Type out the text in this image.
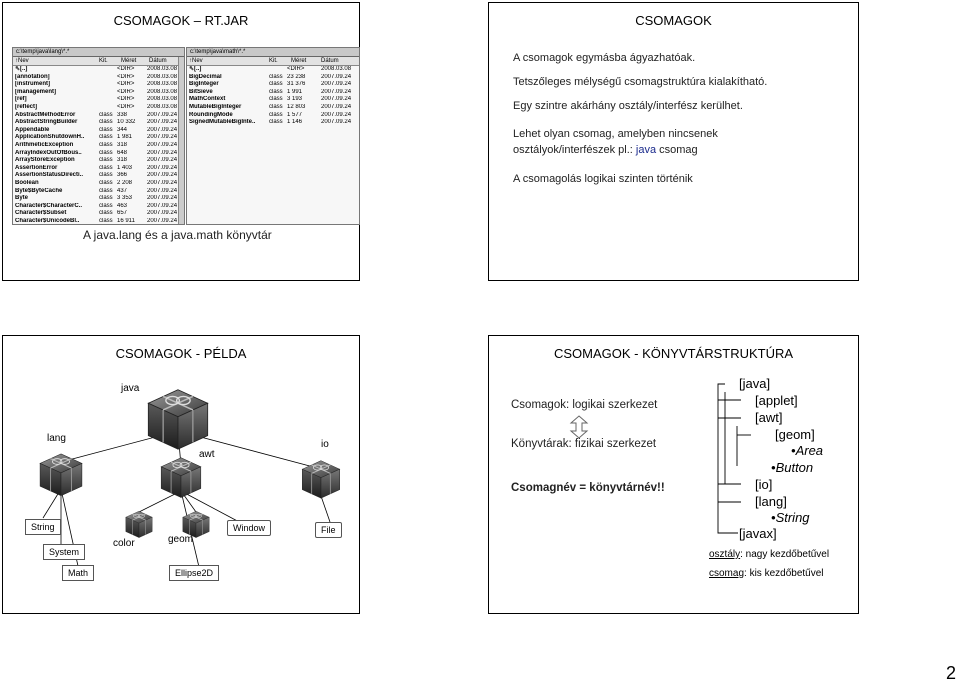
CSOMAGOK – RT.JAR
c:\temp\java\lang\*.*
↑Nev	Kit.	Méret	Dátum
⇖[..]	<DIR>	2008.03.08
[annotation]	<DIR>	2008.03.08
[instrument]	<DIR>	2008.03.08
[management]	<DIR>	2008.03.08
[ref]	<DIR>	2008.03.08
[reflect]	<DIR>	2008.03.08
AbstractMethodError	class 338	2007.09.24
AbstractStringBuilder	class 10 332	2007.09.24
Appendable	class 344	2007.09.24
ApplicationShutdownH..	class 1 981	2007.09.24
ArithmeticException	class 318	2007.09.24
ArrayIndexOutOfBous..	class 648	2007.09.24
ArrayStoreException	class 318	2007.09.24
AssertionError	class 1 403	2007.09.24
AssertionStatusDirecti..	class 366	2007.09.24
Boolean	class 2 208	2007.09.24
Byte$ByteCache	class 437	2007.09.24
Byte	class 3 353	2007.09.24
Character$CharacterC..	class 463	2007.09.24
Character$Subset	class 657	2007.09.24
Character$UnicodeBl..	class 16 911	2007.09.24
c:\temp\java\math\*.*
↑Nev	Kit.	Méret	Dátum
⇖[..]	<DIR>	2008.03.08
BigDecimal	class 23 238	2007.09.24
BigInteger	class 31 376	2007.09.24
BitSieve	class 1 991	2007.09.24
MathContext	class 3 193	2007.09.24
MutableBigInteger	class 12 803	2007.09.24
RoundingMode	class 1 577	2007.09.24
SignedMutableBigInte..	class 1 146	2007.09.24
A java.lang és a java.math könyvtár
CSOMAGOK
A csomagok egymásba ágyazhatóak.
Tetszőleges mélységű csomagstruktúra kialakítható.
Egy szintre akárhány osztály/interfész kerülhet.
Lehet olyan csomag, amelyben nincsenek
osztályok/interfészek pl.: java csomag
A csomagolás logikai szinten történik
CSOMAGOK - PÉLDA
java
lang
awt
io
color	geom
String
System
Math
Window	File
Ellipse2D
CSOMAGOK - KÖNYVTÁRSTRUKTÚRA
Csomagok: logikai szerkezet
Könyvtárak: fizikai szerkezet
Csomagnév = könyvtárnév!!
[java]
[applet]
[awt]
[geom]
•Area
•Button
[io]
[lang]
•String
[javax]
osztály: nagy kezdőbetűvel
csomag: kis kezdőbetűvel
2
